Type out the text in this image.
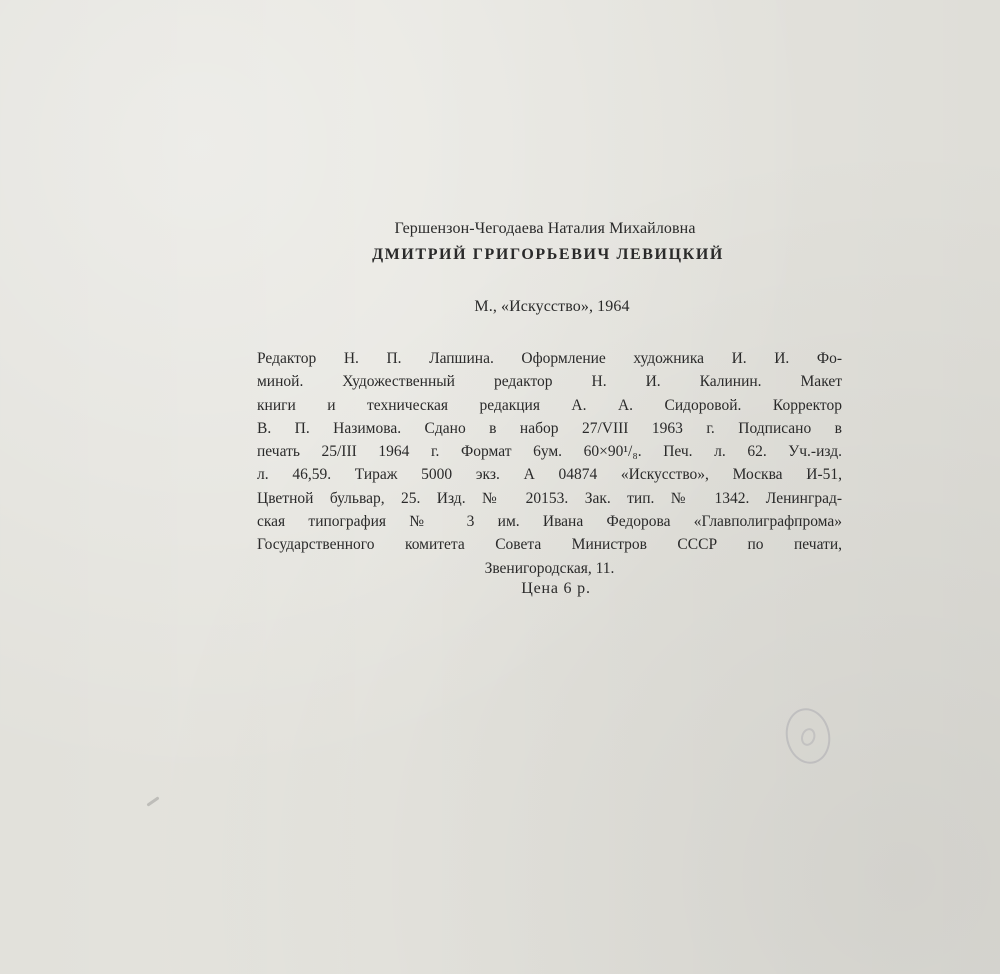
Гершензон-Чегодаева Наталия Михайловна
ДМИТРИЙ ГРИГОРЬЕВИЧ ЛЕВИЦКИЙ
М., «Искусство», 1964
Редактор Н. П. Лапшина. Оформление художника И. И. Фо-
миной. Художественный редактор Н. И. Калинин. Макет
книги и техническая редакция А. А. Сидоровой. Корректор
В. П. Назимова. Сдано в набор 27/VIII 1963 г. Подписано в
печать 25/III 1964 г. Формат 6ум. 60×90¹/₈. Печ. л. 62. Уч.-изд.
л. 46,59. Тираж 5000 экз. А 04874 «Искусство», Москва И-51,
Цветной бульвар, 25. Изд. № 20153. Зак. тип. № 1342. Ленинград-
ская типография № 3 им. Ивана Федорова «Главполиграфпрома»
Государственного комитета Совета Министров СССР по печати,
Звенигородская, 11.
Цена 6 р.
